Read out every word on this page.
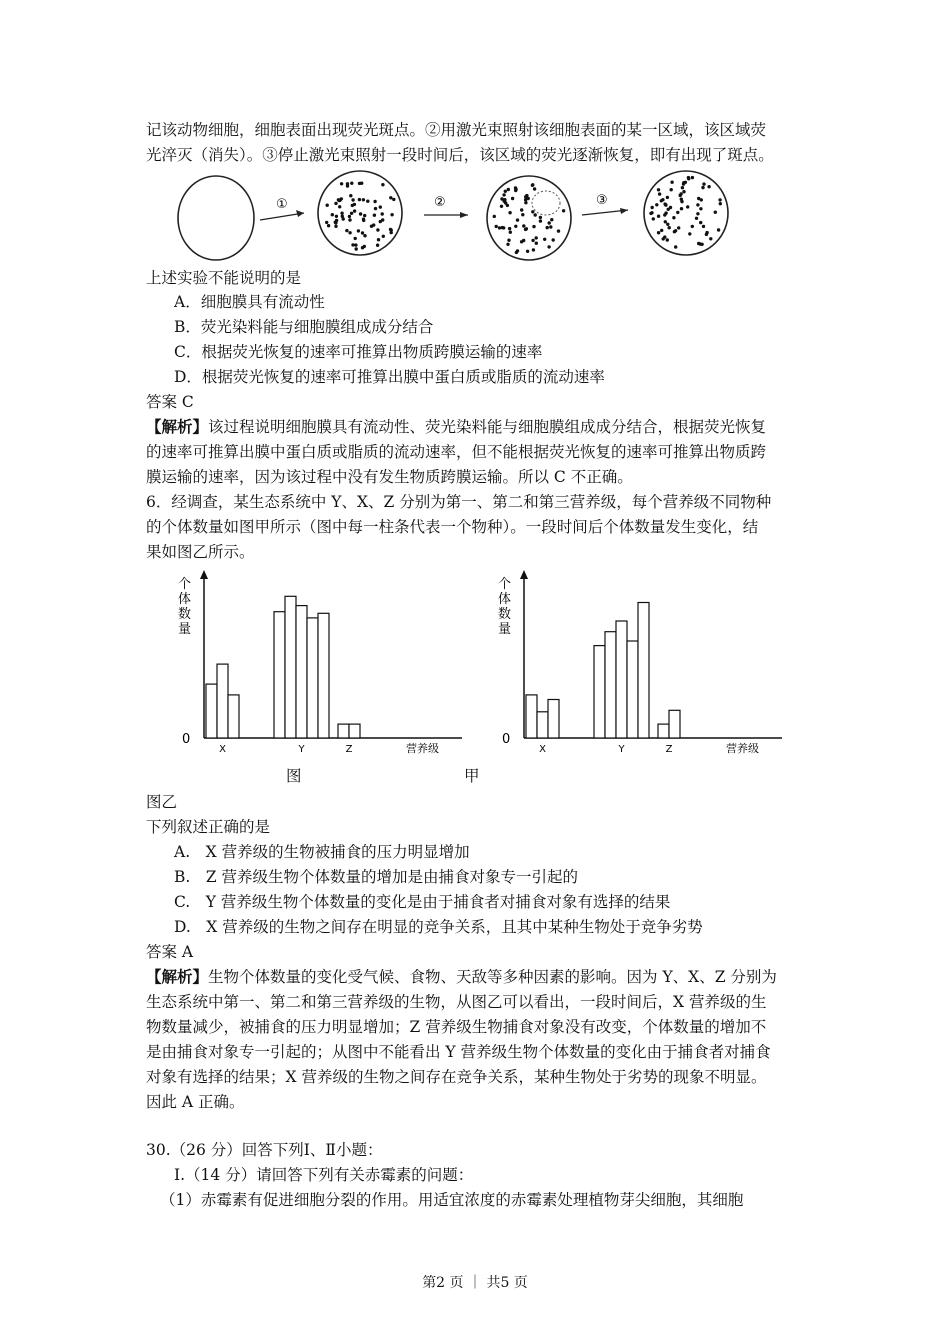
记该动物细胞，细胞表面出现荧光斑点。②用激光束照射该细胞表面的某一区域，该区域荧
光淬灭（消失）。③停止激光束照射一段时间后，该区域的荧光逐渐恢复，即有出现了斑点。
①	②	③
上述实验不能说明的是
A．细胞膜具有流动性
B．荧光染料能与细胞膜组成成分结合
C．根据荧光恢复的速率可推算出物质跨膜运输的速率
D．根据荧光恢复的速率可推算出膜中蛋白质或脂质的流动速率
答案 C
【解析】该过程说明细胞膜具有流动性、荧光染料能与细胞膜组成成分结合，根据荧光恢复
的速率可推算出膜中蛋白质或脂质的流动速率，但不能根据荧光恢复的速率可推算出物质跨
膜运输的速率，因为该过程中没有发生物质跨膜运输。所以 C 不正确。
6．经调查，某生态系统中 Y、X、Z 分别为第一、第二和第三营养级，每个营养级不同物种
的个体数量如图甲所示（图中每一柱条代表一个物种）。一段时间后个体数量发生变化，结
果如图乙所示。
个体数量
0
X	Y	Z	营养级
个体数量
0
X	Y	Z	营养级
图	甲
图乙
下列叙述正确的是
A.　X 营养级的生物被捕食的压力明显增加
B.　Z 营养级生物个体数量的增加是由捕食对象专一引起的
C.　Y 营养级生物个体数量的变化是由于捕食者对捕食对象有选择的结果
D.　X 营养级的生物之间存在明显的竞争关系，且其中某种生物处于竞争劣势
答案 A
【解析】生物个体数量的变化受气候、食物、天敌等多种因素的影响。因为 Y、X、Z 分别为
生态系统中第一、第二和第三营养级的生物，从图乙可以看出，一段时间后，X 营养级的生
物数量减少，被捕食的压力明显增加；Z 营养级生物捕食对象没有改变，个体数量的增加不
是由捕食对象专一引起的；从图中不能看出 Y 营养级生物个体数量的变化由于捕食者对捕食
对象有选择的结果；X 营养级的生物之间存在竞争关系，某种生物处于劣势的现象不明显。
因此 A 正确。
30.（26 分）回答下列Ⅰ、Ⅱ小题：
Ⅰ.（14 分）请回答下列有关赤霉素的问题：
（1）赤霉素有促进细胞分裂的作用。用适宜浓度的赤霉素处理植物芽尖细胞，其细胞
第2 页 ｜ 共5 页
